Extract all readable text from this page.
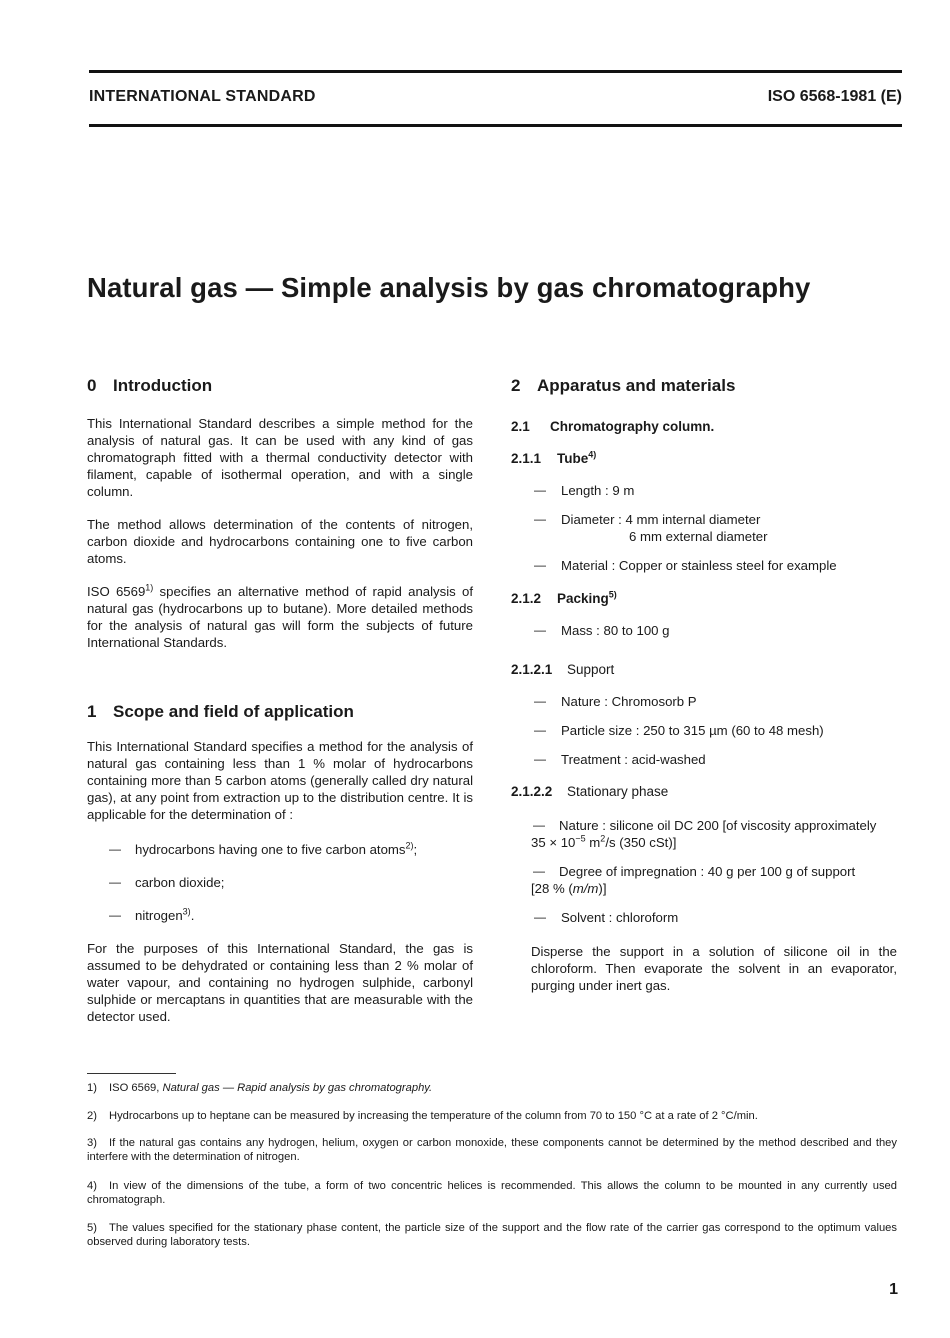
INTERNATIONAL STANDARD	ISO 6568-1981 (E)
Natural gas — Simple analysis by gas chromatography
0 Introduction

This International Standard describes a simple method for the analysis of natural gas. It can be used with any kind of gas chromatograph fitted with a thermal conductivity detector with filament, capable of isothermal operation, and with a single column.

The method allows determination of the contents of nitrogen, carbon dioxide and hydrocarbons containing one to five carbon atoms.

ISO 6569$^{1)}$ specifies an alternative method of rapid analysis of natural gas (hydrocarbons up to butane). More detailed methods for the analysis of natural gas will form the subjects of future International Standards.

1 Scope and field of application

This International Standard specifies a method for the analysis of natural gas containing less than 1 % molar of hydrocarbons containing more than 5 carbon atoms (generally called dry natural gas), at any point from extraction up to the distribution centre. It is applicable for the determination of :

— hydrocarbons having one to five carbon atoms$^{2)}$;

— carbon dioxide;

— nitrogen$^{3)}$.

For the purposes of this International Standard, the gas is assumed to be dehydrated or containing less than 2 % molar of water vapour, and containing no hydrogen sulphide, carbonyl sulphide or mercaptans in quantities that are measurable with the detector used.

2 Apparatus and materials

2.1 Chromatography column.

2.1.1 Tube$^{4)}$

— Length : 9 m

— Diameter : 4 mm internal diameter

6 mm external diameter

— Material : Copper or stainless steel for example

2.1.2 Packing$^{5)}$

— Mass : 80 to 100 g

2.1.2.1 Support

— Nature : Chromosorb P

— Particle size : 250 to 315 µm (60 to 48 mesh)

— Treatment : acid-washed

2.1.2.2 Stationary phase

— Nature : silicone oil DC 200 [of viscosity approximately

$35 \times 10^{-5}$ $m^2/s$ (350 cSt)]

— Degree of impregnation : 40 g per 100 g of support

[28 % (m/m)]

— Solvent : chloroform

Disperse the support in a solution of silicone oil in the chloroform. Then evaporate the solvent in an evaporator, purging under inert gas.

1) ISO 6569, Natural gas — Rapid analysis by gas chromatography.

2) Hydrocarbons up to heptane can be measured by increasing the temperature of the column from 70 to 150 °C at a rate of 2 °C/min.

3) If the natural gas contains any hydrogen, helium, oxygen or carbon monoxide, these components cannot be determined by the method described and they interfere with the determination of nitrogen.

4) In view of the dimensions of the tube, a form of two concentric helices is recommended. This allows the column to be mounted in any currently used chromatograph.

5) The values specified for the stationary phase content, the particle size of the support and the flow rate of the carrier gas correspond to the optimum values observed during laboratory tests.

1
